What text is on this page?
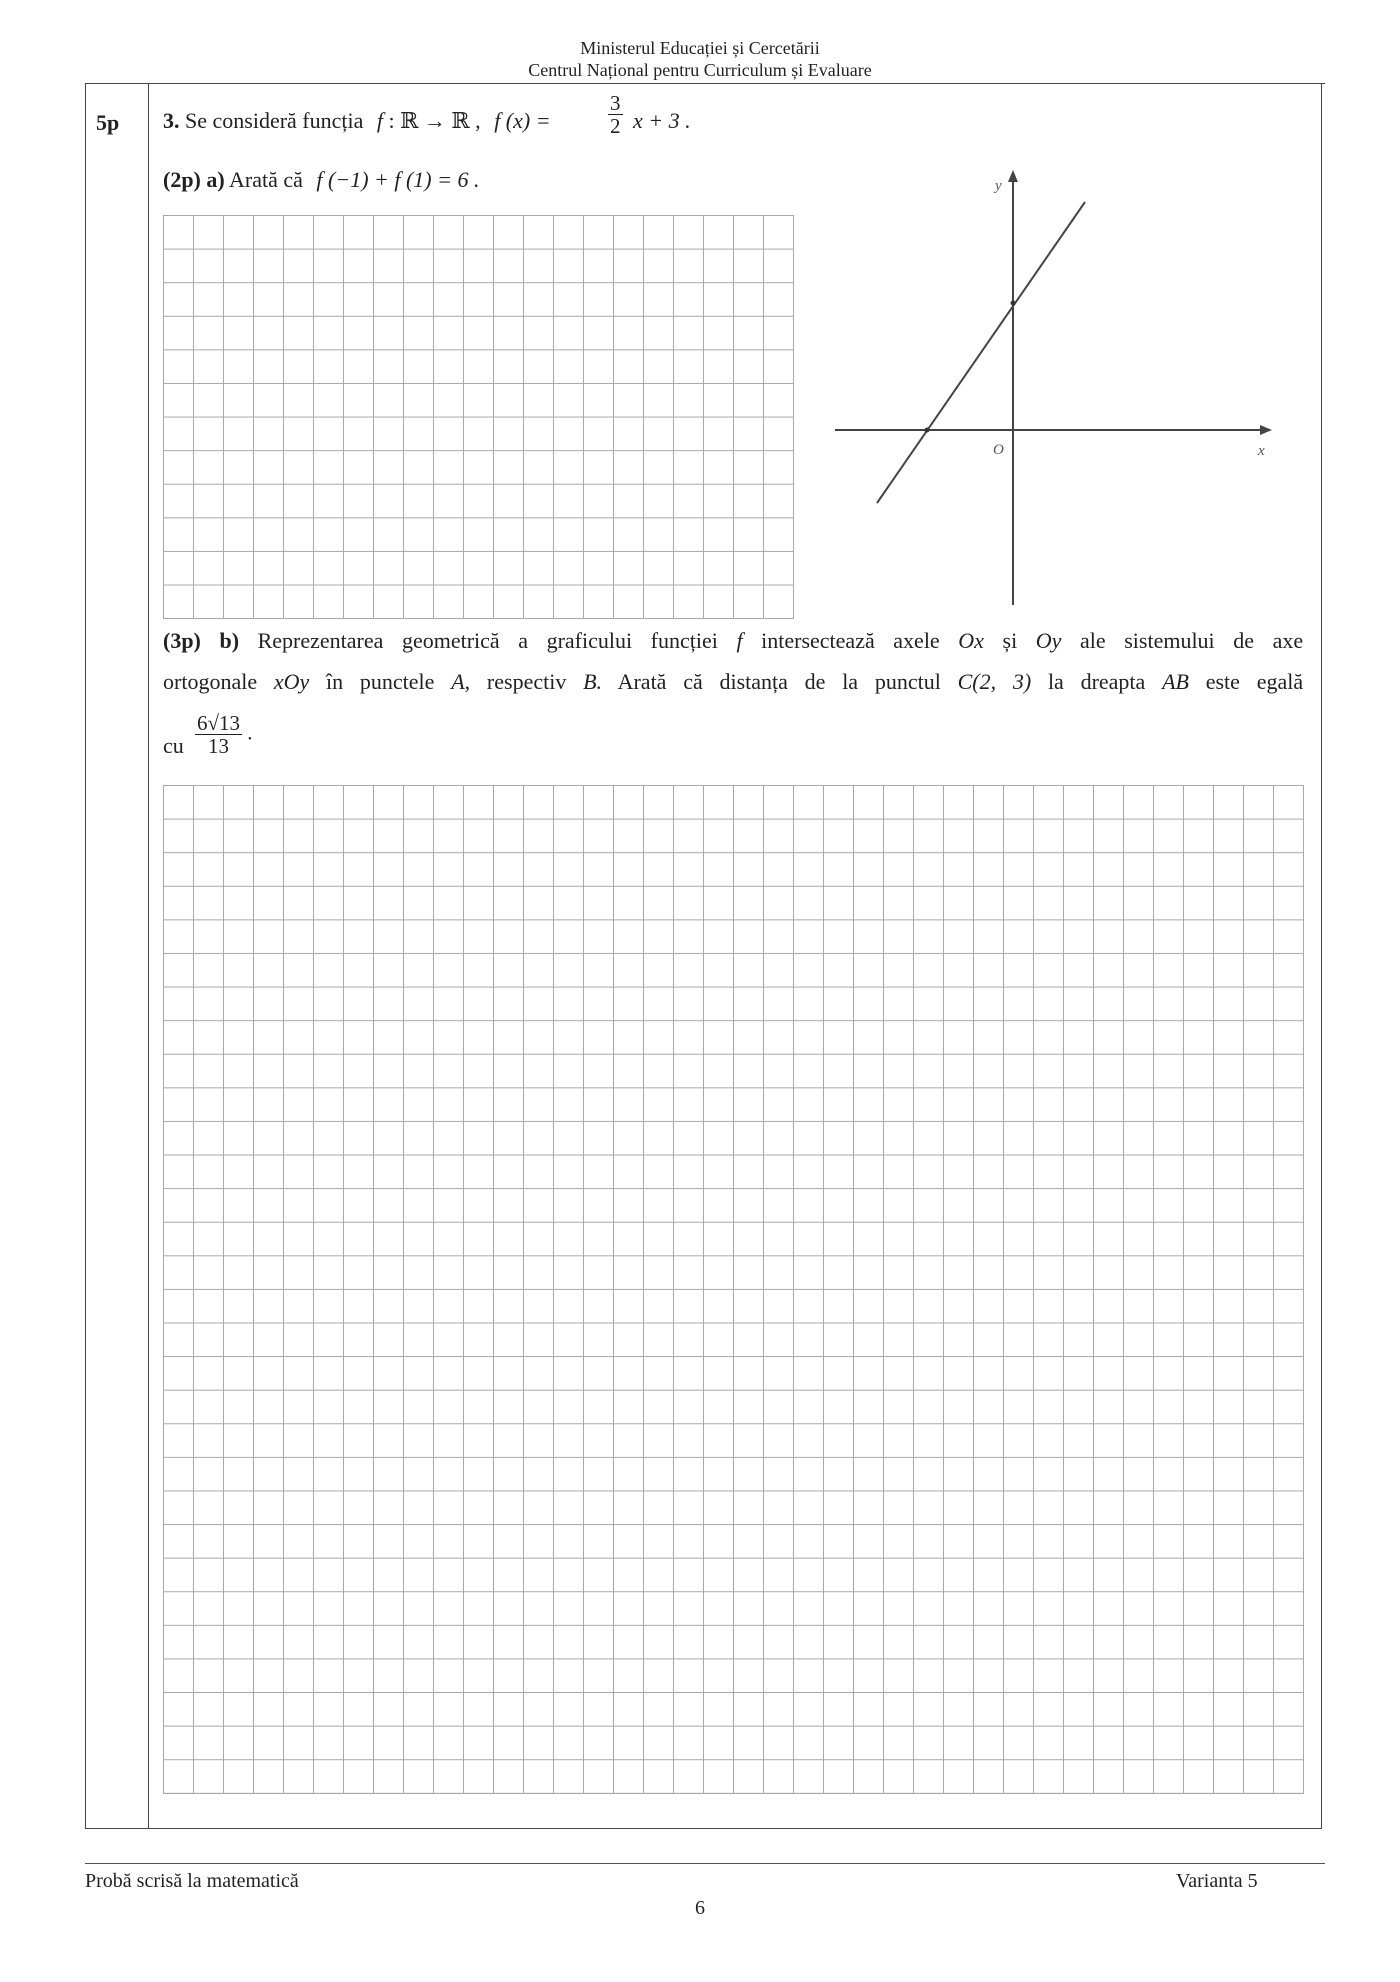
Ministerul Educației și Cercetării
Centrul Național pentru Curriculum și Evaluare
5p 3. Se consideră funcția f : ℝ → ℝ , f (x) =	$\frac{3}{2}$ x + 3 .
(2p) a) Arată că f (−1) + f (1) = 6 .	y
x
O
(3p) b) Reprezentarea geometrică a graficului funcției f intersectează axele Ox și Oy ale sistemului de axe
ortogonale xOy în punctele A, respectiv B. Arată că distanța de la punctul C(2, 3) la dreapta AB este egală
cu $\frac{6√13}{13}$ .
Probă scrisă la matematică	Varianta 5
6
